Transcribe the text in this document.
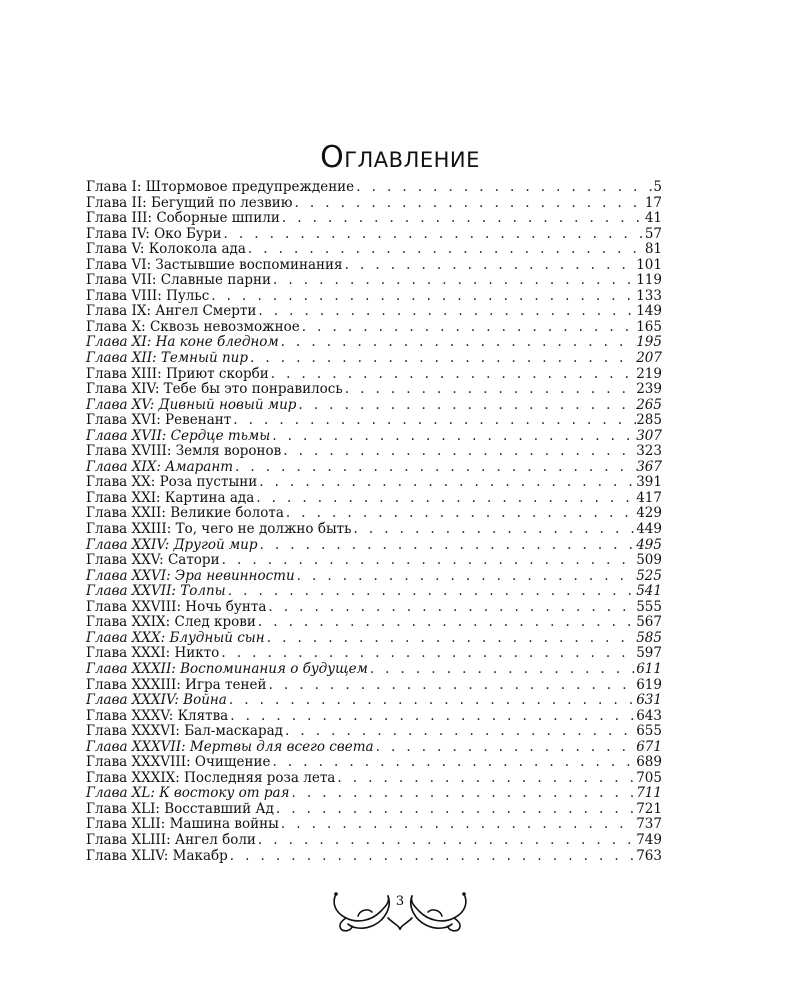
Оглавление
Глава I: Штормовое предупреждение . . .	5
Глава II: Бегущий по лезвию . . .	17
Глава III: Соборные шпили . . .	41
Глава IV: Око Бури . . .	57
Глава V: Колокола ада . . .	81
Глава VI: Застывшие воспоминания . . .	101
Глава VII: Славные парни . . .	119
Глава VIII: Пульс . . .	133
Глава IX: Ангел Смерти . . .	149
Глава X: Сквозь невозможное . . .	165
Глава XI: На коне бледном . . .	195
Глава XII: Темный пир . . .	207
Глава XIII: Приют скорби . . .	219
Глава XIV: Тебе бы это понравилось . . .	239
Глава XV: Дивный новый мир . . .	265
Глава XVI: Ревенант . . .	285
Глава XVII: Сердце тьмы . . .	307
Глава XVIII: Земля воронов . . .	323
Глава XIX: Амарант . . .	367
Глава XX: Роза пустыни . . .	391
Глава XXI: Картина ада . . .	417
Глава XXII: Великие болота . . .	429
Глава XXIII: То, чего не должно быть . . .	449
Глава XXIV: Другой мир . . .	495
Глава XXV: Сатори . . .	509
Глава XXVI: Эра невинности . . .	525
Глава XXVII: Толпы . . .	541
Глава XXVIII: Ночь бунта . . .	555
Глава XXIX: След крови . . .	567
Глава XXX: Блудный сын . . .	585
Глава XXXI: Никто . . .	597
Глава XXXII: Воспоминания о будущем . . .	611
Глава XXXIII: Игра теней . . .	619
Глава XXXIV: Война . . .	631
Глава XXXV: Клятва . . .	643
Глава XXXVI: Бал-маскарад . . .	655
Глава XXXVII: Мертвы для всего света . . .	671
Глава XXXVIII: Очищение . . .	689
Глава XXXIX: Последняя роза лета . . .	705
Глава XL: К востоку от рая . . .	711
Глава XLI: Восставший Ад . . .	721
Глава XLII: Машина войны . . .	737
Глава XLIII: Ангел боли . . .	749
Глава XLIV: Макабр . . .	763
3
